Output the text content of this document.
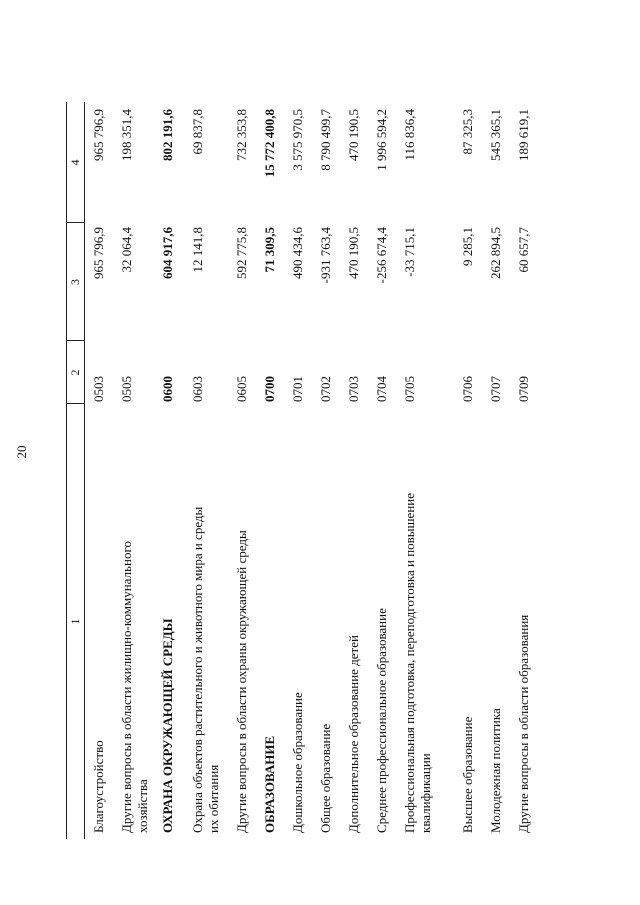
20
1
2
3
4
Благоустройство
0503
965 796,9
965 796,9
Другие вопросы в области жилищно-коммунального хозяйства
0505
32 064,4
198 351,4
ОХРАНА ОКРУЖАЮЩЕЙ СРЕДЫ
0600
604 917,6
802 191,6
Охрана объектов растительного и животного мира и среды их обитания
0603
12 141,8
69 837,8
Другие вопросы в области охраны окружающей среды
0605
592 775,8
732 353,8
ОБРАЗОВАНИЕ
0700
71 309,5
15 772 400,8
Дошкольное образование
0701
490 434,6
3 575 970,5
Общее образование
0702
-931 763,4
8 790 499,7
Дополнительное образование детей
0703
470 190,5
470 190,5
Среднее профессиональное образование
0704
-256 674,4
1 996 594,2
Профессиональная подготовка, переподготовка и повышение квалификации
0705
-33 715,1
116 836,4
Высшее образование
0706
9 285,1
87 325,3
Молодежная политика
0707
262 894,5
545 365,1
Другие вопросы в области образования
0709
60 657,7
189 619,1
